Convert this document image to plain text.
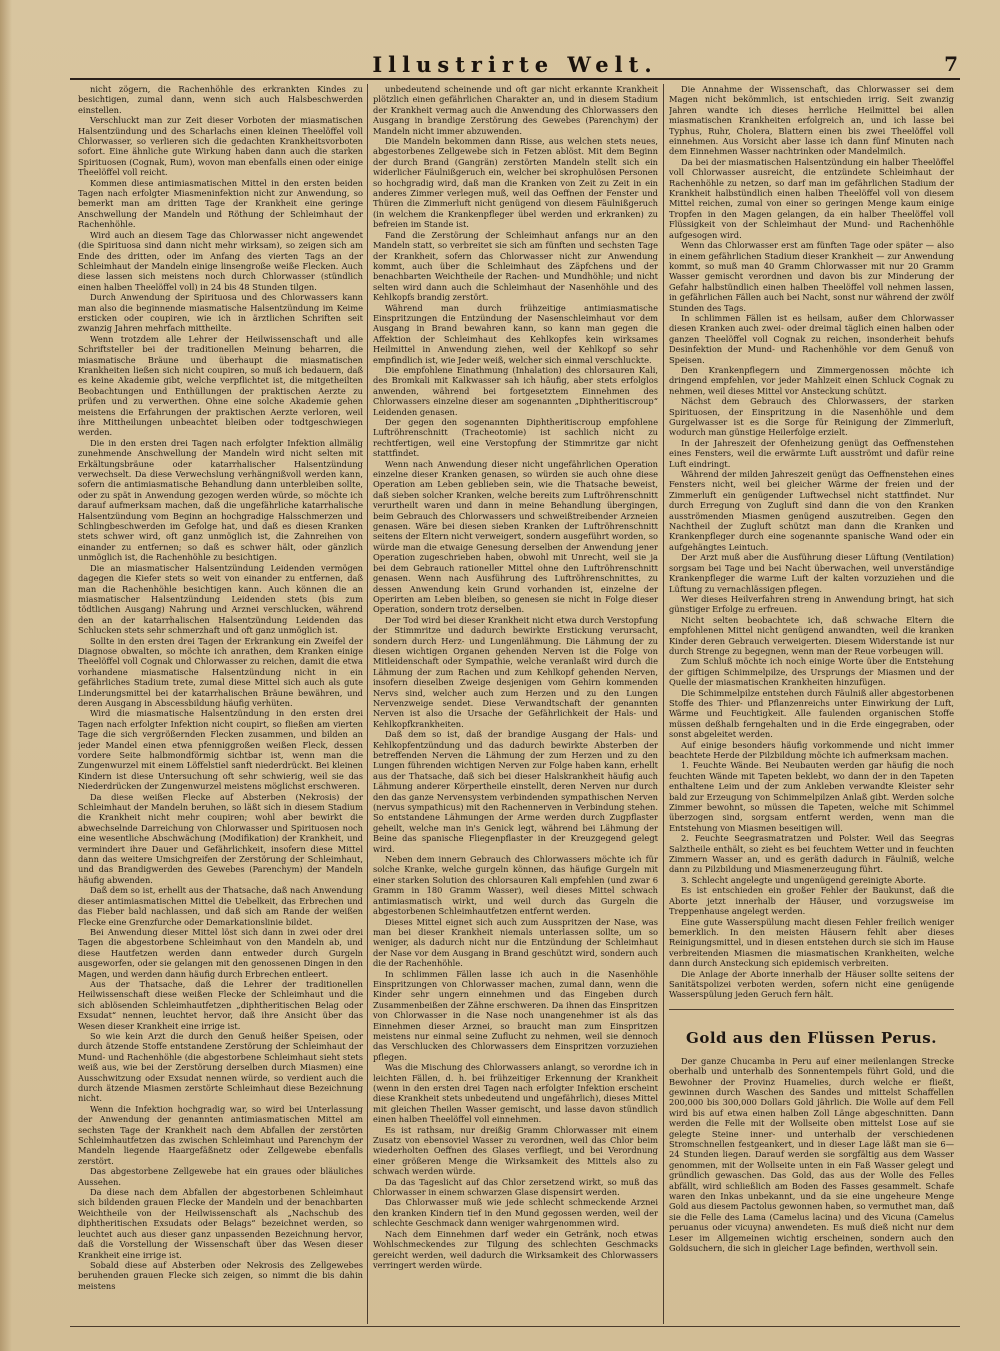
Illustrirte Welt.	7

nicht zögern, die Rachenhöhle des erkrankten Kindes zu besichtigen, zumal dann, wenn sich auch Halsbeschwerden einstellen.

Verschluckt man zur Zeit dieser Vorboten der miasmatischen Halsentzündung und des Scharlachs einen kleinen Theelöffel voll Chlorwasser, so verlieren sich die gedachten Krankheitsvorboten sofort. Eine ähnliche gute Wirkung haben dann auch die starken Spirituosen (Cognak, Rum), wovon man ebenfalls einen oder einige Theelöffel voll reicht.

Kommen diese antimiasmatischen Mittel in den ersten beiden Tagen nach erfolgter Miasmeninfektion nicht zur Anwendung, so bemerkt man am dritten Tage der Krankheit eine geringe Anschwellung der Mandeln und Röthung der Schleimhaut der Rachenhöhle.

Wird auch an diesem Tage das Chlorwasser nicht angewendet (die Spirituosa sind dann nicht mehr wirksam), so zeigen sich am Ende des dritten, oder im Anfang des vierten Tags an der Schleimhaut der Mandeln einige linsengroße weiße Flecken. Auch diese lassen sich meistens noch durch Chlorwasser (stündlich einen halben Theelöffel voll) in 24 bis 48 Stunden tilgen.

Durch Anwendung der Spirituosa und des Chlorwassers kann man also die beginnende miasmatische Halsentzündung im Keime ersticken oder coupiren, wie ich in ärztlichen Schriften seit zwanzig Jahren mehrfach mittheilte.

Wenn trotzdem alle Lehrer der Heilwissenschaft und alle Schriftsteller bei der traditionellen Meinung beharren, die miasmatische Bräune und überhaupt die miasmatischen Krankheiten ließen sich nicht coupiren, so muß ich bedauern, daß es keine Akademie gibt, welche verpflichtet ist, die mitgetheilten Beobachtungen und Enthüllungen der praktischen Aerzte zu prüfen und zu verwerthen. Ohne eine solche Akademie gehen meistens die Erfahrungen der praktischen Aerzte verloren, weil ihre Mittheilungen unbeachtet bleiben oder todtgeschwiegen werden.

Die in den ersten drei Tagen nach erfolgter Infektion allmälig zunehmende Anschwellung der Mandeln wird nicht selten mit Erkältungsbräune oder katarrhalischer Halsentzündung verwechselt. Da diese Verwechslung verhängnißvoll werden kann, sofern die antimiasmatische Behandlung dann unterbleiben sollte, oder zu spät in Anwendung gezogen werden würde, so möchte ich darauf aufmerksam machen, daß die ungefährliche katarrhalische Halsentzündung vom Beginn an hochgradige Halsschmerzen und Schlingbeschwerden im Gefolge hat, und daß es diesen Kranken stets schwer wird, oft ganz unmöglich ist, die Zahnreihen von einander zu entfernen; so daß es schwer hält, oder gänzlich unmöglich ist, die Rachenhöhle zu besichtigen.

Die an miasmatischer Halsentzündung Leidenden vermögen dagegen die Kiefer stets so weit von einander zu entfernen, daß man die Rachenhöhle besichtigen kann. Auch können die an miasmatischer Halsentzündung Leidenden stets (bis zum tödtlichen Ausgang) Nahrung und Arznei verschlucken, während den an der katarrhalischen Halsentzündung Leidenden das Schlucken stets sehr schmerzhaft und oft ganz unmöglich ist.

Sollte in den ersten drei Tagen der Erkrankung ein Zweifel der Diagnose obwalten, so möchte ich anrathen, dem Kranken einige Theelöffel voll Cognak und Chlorwasser zu reichen, damit die etwa vorhandene miasmatische Halsentzündung nicht in ein gefährliches Stadium trete, zumal diese Mittel sich auch als gute Linderungsmittel bei der katarrhalischen Bräune bewähren, und deren Ausgang in Abscessbildung häufig verhüten.

Wird die miasmatische Halsentzündung in den ersten drei Tagen nach erfolgter Infektion nicht coupirt, so fließen am vierten Tage die sich vergrößernden Flecken zusammen, und bilden an jeder Mandel einen etwa pfenniggroßen weißen Fleck, dessen vordere Seite halbmondförmig sichtbar ist, wenn man die Zungenwurzel mit einem Löffelstiel sanft niederdrückt. Bei kleinen Kindern ist diese Untersuchung oft sehr schwierig, weil sie das Niederdrücken der Zungenwurzel meistens möglichst erschweren.

Da diese weißen Flecke auf Absterben (Nekrosis) der Schleimhaut der Mandeln beruhen, so läßt sich in diesem Stadium die Krankheit nicht mehr coupiren; wohl aber bewirkt die abwechselnde Darreichung von Chlorwasser und Spirituosen noch eine wesentliche Abschwächung (Modifikation) der Krankheit, und vermindert ihre Dauer und Gefährlichkeit, insofern diese Mittel dann das weitere Umsichgreifen der Zerstörung der Schleimhaut, und das Brandigwerden des Gewebes (Parenchym) der Mandeln häufig abwenden.

Daß dem so ist, erhellt aus der Thatsache, daß nach Anwendung dieser antimiasmatischen Mittel die Uebelkeit, das Erbrechen und das Fieber bald nachlassen, und daß sich am Rande der weißen Flecke eine Grenzfurche oder Demarkationslinie bildet.

Bei Anwendung dieser Mittel löst sich dann in zwei oder drei Tagen die abgestorbene Schleimhaut von den Mandeln ab, und diese Hautfetzen werden dann entweder durch Gurgeln ausgeworfen, oder sie gelangen mit den genossenen Dingen in den Magen, und werden dann häufig durch Erbrechen entleert.

Aus der Thatsache, daß die Lehrer der traditionellen Heilwissenschaft diese weißen Flecke der Schleimhaut und die sich ablösenden Schleimhautfetzen „diphtheritischen Belag oder Exsudat“ nennen, leuchtet hervor, daß ihre Ansicht über das Wesen dieser Krankheit eine irrige ist.

So wie kein Arzt die durch den Genuß heißer Speisen, oder durch ätzende Stoffe entstandene Zerstörung der Schleimhaut der Mund- und Rachenhöhle (die abgestorbene Schleimhaut sieht stets weiß aus, wie bei der Zerstörung derselben durch Miasmen) eine Ausschwitzung oder Exsudat nennen würde, so verdient auch die durch ätzende Miasmen zerstörte Schleimhaut diese Bezeichnung nicht.

Wenn die Infektion hochgradig war, so wird bei Unterlassung der Anwendung der genannten antimiasmatischen Mittel am sechsten Tage der Krankheit nach dem Abfallen der zerstörten Schleimhautfetzen das zwischen Schleimhaut und Parenchym der Mandeln liegende Haargefäßnetz oder Zellgewebe ebenfalls zerstört.

Das abgestorbene Zellgewebe hat ein graues oder bläuliches Aussehen.

Da diese nach dem Abfallen der abgestorbenen Schleimhaut sich bildenden grauen Flecke der Mandeln und der benachbarten Weichtheile von der Heilwissenschaft als „Nachschub des diphtheritischen Exsudats oder Belags“ bezeichnet werden, so leuchtet auch aus dieser ganz unpassenden Bezeichnung hervor, daß die Vorstellung der Wissenschaft über das Wesen dieser Krankheit eine irrige ist.

Sobald diese auf Absterben oder Nekrosis des Zellgewebes beruhenden grauen Flecke sich zeigen, so nimmt die bis dahin meistens

unbedeutend scheinende und oft gar nicht erkannte Krankheit plötzlich einen gefährlichen Charakter an, und in diesem Stadium der Krankheit vermag auch die Anwendung des Chlorwassers den Ausgang in brandige Zerstörung des Gewebes (Parenchym) der Mandeln nicht immer abzuwenden.

Die Mandeln bekommen dann Risse, aus welchen stets neues, abgestorbenes Zellgewebe sich in Fetzen ablöst. Mit dem Beginn der durch Brand (Gangrän) zerstörten Mandeln stellt sich ein widerlicher Fäulnißgeruch ein, welcher bei skrophulösen Personen so hochgradig wird, daß man die Kranken von Zeit zu Zeit in ein anderes Zimmer verlegen muß, weil das Oeffnen der Fenster und Thüren die Zimmerluft nicht genügend von diesem Fäulnißgeruch (in welchem die Krankenpfleger übel werden und erkranken) zu befreien im Stande ist.

Fand die Zerstörung der Schleimhaut anfangs nur an den Mandeln statt, so verbreitet sie sich am fünften und sechsten Tage der Krankheit, sofern das Chlorwasser nicht zur Anwendung kommt, auch über die Schleimhaut des Zäpfchens und der benachbarten Weichtheile der Rachen- und Mundhöhle; und nicht selten wird dann auch die Schleimhaut der Nasenhöhle und des Kehlkopfs brandig zerstört.

Während man durch frühzeitige antimiasmatische Einspritzungen die Entzündung der Nasenschleimhaut vor dem Ausgang in Brand bewahren kann, so kann man gegen die Affektion der Schleimhaut des Kehlkopfes kein wirksames Heilmittel in Anwendung ziehen, weil der Kehlkopf so sehr empfindlich ist, wie Jeder weiß, welcher sich einmal verschluckte.

Die empfohlene Einathmung (Inhalation) des chlorsauren Kali, des Bromkali mit Kalkwasser sah ich häufig, aber stets erfolglos anwenden, während bei fortgesetztem Einnehmen des Chlorwassers einzelne dieser am sogenannten „Diphtheritiscroup“ Leidenden genasen.

Der gegen den sogenannten Diphtheritiscroup empfohlene Luftröhrenschnitt (Tracheotomie) ist sachlich nicht zu rechtfertigen, weil eine Verstopfung der Stimmritze gar nicht stattfindet.

Wenn nach Anwendung dieser nicht ungefährlichen Operation einzelne dieser Kranken genasen, so würden sie auch ohne diese Operation am Leben geblieben sein, wie die Thatsache beweist, daß sieben solcher Kranken, welche bereits zum Luftröhrenschnitt verurtheilt waren und dann in meine Behandlung übergingen, beim Gebrauch des Chlorwassers und schweißtreibender Arzneien genasen. Wäre bei diesen sieben Kranken der Luftröhrenschnitt seitens der Eltern nicht verweigert, sondern ausgeführt worden, so würde man die etwaige Genesung derselben der Anwendung jener Operation zugeschrieben haben, obwohl mit Unrecht, weil sie ja bei dem Gebrauch rationeller Mittel ohne den Luftröhrenschnitt genasen. Wenn nach Ausführung des Luftröhrenschnittes, zu dessen Anwendung kein Grund vorhanden ist, einzelne der Operirten am Leben bleiben, so genesen sie nicht in Folge dieser Operation, sondern trotz derselben.

Der Tod wird bei dieser Krankheit nicht etwa durch Verstopfung der Stimmritze und dadurch bewirkte Erstickung verursacht, sondern durch Herz- und Lungenlähmung. Die Lähmung der zu diesen wichtigen Organen gehenden Nerven ist die Folge von Mitleidenschaft oder Sympathie, welche veranlaßt wird durch die Lähmung der zum Rachen und zum Kehlkopf gehenden Nerven, insofern dieselben Zweige desjenigen vom Gehirn kommenden Nervs sind, welcher auch zum Herzen und zu den Lungen Nervenzweige sendet. Diese Verwandtschaft der genannten Nerven ist also die Ursache der Gefährlichkeit der Hals- und Kehlkopfkrankheiten.

Daß dem so ist, daß der brandige Ausgang der Hals- und Kehlkopfentzündung und das dadurch bewirkte Absterben der betreffenden Nerven die Lähmung der zum Herzen und zu den Lungen führenden wichtigen Nerven zur Folge haben kann, erhellt aus der Thatsache, daß sich bei dieser Halskrankheit häufig auch Lähmung anderer Körpertheile einstellt, deren Nerven nur durch den das ganze Nervensystem verbindenden sympathischen Nerven (nervus sympathicus) mit den Rachennerven in Verbindung stehen. So entstandene Lähmungen der Arme werden durch Zugpflaster geheilt, welche man in's Genick legt, während bei Lähmung der Beine das spanische Fliegenpflaster in der Kreuzgegend gelegt wird.

Neben dem innern Gebrauch des Chlorwassers möchte ich für solche Kranke, welche gurgeln können, das häufige Gurgeln mit einer starken Solution des chlorsauren Kali empfehlen (und zwar 6 Gramm in 180 Gramm Wasser), weil dieses Mittel schwach antimiasmatisch wirkt, und weil durch das Gurgeln die abgestorbenen Schleimhautfetzen entfernt werden.

Dieses Mittel eignet sich auch zum Ausspritzen der Nase, was man bei dieser Krankheit niemals unterlassen sollte, um so weniger, als dadurch nicht nur die Entzündung der Schleimhaut der Nase vor dem Ausgang in Brand geschützt wird, sondern auch die der Rachenhöhle.

In schlimmen Fällen lasse ich auch in die Nasenhöhle Einspritzungen von Chlorwasser machen, zumal dann, wenn die Kinder sehr ungern einnehmen und das Eingeben durch Zusammenbeißen der Zähne erschweren. Da ihnen das Einspritzen von Chlorwasser in die Nase noch unangenehmer ist als das Einnehmen dieser Arznei, so braucht man zum Einspritzen meistens nur einmal seine Zuflucht zu nehmen, weil sie dennoch das Verschlucken des Chlorwassers dem Einspritzen vorzuziehen pflegen.

Was die Mischung des Chlorwassers anlangt, so verordne ich in leichten Fällen, d. h. bei frühzeitiger Erkennung der Krankheit (wenn in den ersten drei Tagen nach erfolgter Infektion erscheint diese Krankheit stets unbedeutend und ungefährlich), dieses Mittel mit gleichen Theilen Wasser gemischt, und lasse davon stündlich einen halben Theelöffel voll einnehmen.

Es ist rathsam, nur dreißig Gramm Chlorwasser mit einem Zusatz von ebensoviel Wasser zu verordnen, weil das Chlor beim wiederholten Oeffnen des Glases verfliegt, und bei Verordnung einer größeren Menge die Wirksamkeit des Mittels also zu schwach werden würde.

Da das Tageslicht auf das Chlor zersetzend wirkt, so muß das Chlorwasser in einem schwarzen Glase dispensirt werden.

Das Chlorwasser muß wie jede schlecht schmeckende Arznei den kranken Kindern tief in den Mund gegossen werden, weil der schlechte Geschmack dann weniger wahrgenommen wird.

Nach dem Einnehmen darf weder ein Getränk, noch etwas Wohlschmeckendes zur Tilgung des schlechten Geschmacks gereicht werden, weil dadurch die Wirksamkeit des Chlorwassers verringert werden würde.

Die Annahme der Wissenschaft, das Chlorwasser sei dem Magen nicht bekömmlich, ist entschieden irrig. Seit zwanzig Jahren wandte ich dieses herrliche Heilmittel bei allen miasmatischen Krankheiten erfolgreich an, und ich lasse bei Typhus, Ruhr, Cholera, Blattern einen bis zwei Theelöffel voll einnehmen. Aus Vorsicht aber lasse ich dann fünf Minuten nach dem Einnehmen Wasser nachtrinken oder Mandelmilch.

Da bei der miasmatischen Halsentzündung ein halber Theelöffel voll Chlorwasser ausreicht, die entzündete Schleimhaut der Rachenhöhle zu netzen, so darf man im gefährlichen Stadium der Krankheit halbstündlich einen halben Theelöffel voll von diesem Mittel reichen, zumal von einer so geringen Menge kaum einige Tropfen in den Magen gelangen, da ein halber Theelöffel voll Flüssigkeit von der Schleimhaut der Mund- und Rachenhöhle aufgesogen wird.

Wenn das Chlorwasser erst am fünften Tage oder später — also in einem gefährlichen Stadium dieser Krankheit — zur Anwendung kommt, so muß man 40 Gramm Chlorwasser mit nur 20 Gramm Wasser gemischt verordnen und davon bis zur Minderung der Gefahr halbstündlich einen halben Theelöffel voll nehmen lassen, in gefährlichen Fällen auch bei Nacht, sonst nur während der zwölf Stunden des Tags.

In schlimmen Fällen ist es heilsam, außer dem Chlorwasser diesen Kranken auch zwei- oder dreimal täglich einen halben oder ganzen Theelöffel voll Cognak zu reichen, insonderheit behufs Desinfektion der Mund- und Rachenhöhle vor dem Genuß von Speisen.

Den Krankenpflegern und Zimmergenossen möchte ich dringend empfehlen, vor jeder Mahlzeit einen Schluck Cognak zu nehmen, weil dieses Mittel vor Ansteckung schützt.

Nächst dem Gebrauch des Chlorwassers, der starken Spirituosen, der Einspritzung in die Nasenhöhle und dem Gurgelwasser ist es die Sorge für Reinigung der Zimmerluft, wodurch man günstige Heilerfolge erzielt.

In der Jahreszeit der Ofenheizung genügt das Oeffnenstehen eines Fensters, weil die erwärmte Luft ausströmt und dafür reine Luft eindringt.

Während der milden Jahreszeit genügt das Oeffnenstehen eines Fensters nicht, weil bei gleicher Wärme der freien und der Zimmerluft ein genügender Luftwechsel nicht stattfindet. Nur durch Erregung von Zugluft sind dann die von den Kranken ausströmenden Miasmen genügend auszutreiben. Gegen den Nachtheil der Zugluft schützt man dann die Kranken und Krankenpfleger durch eine sogenannte spanische Wand oder ein aufgehängtes Leintuch.

Der Arzt muß aber die Ausführung dieser Lüftung (Ventilation) sorgsam bei Tage und bei Nacht überwachen, weil unverständige Krankenpfleger die warme Luft der kalten vorzuziehen und die Lüftung zu vernachlässigen pflegen.

Wer dieses Heilverfahren streng in Anwendung bringt, hat sich günstiger Erfolge zu erfreuen.

Nicht selten beobachtete ich, daß schwache Eltern die empfohlenen Mittel nicht genügend anwandten, weil die kranken Kinder deren Gebrauch verweigerten. Diesem Widerstande ist nur durch Strenge zu begegnen, wenn man der Reue vorbeugen will.

Zum Schluß möchte ich noch einige Worte über die Entstehung der giftigen Schimmelpilze, des Ursprungs der Miasmen und der Quelle der miasmatischen Krankheiten hinzufügen.

Die Schimmelpilze entstehen durch Fäulniß aller abgestorbenen Stoffe des Thier- und Pflanzenreichs unter Einwirkung der Luft, Wärme und Feuchtigkeit. Alle faulenden organischen Stoffe müssen deßhalb ferngehalten und in die Erde eingegraben, oder sonst abgeleitet werden.

Auf einige besonders häufig vorkommende und nicht immer beachtete Herde der Pilzbildung möchte ich aufmerksam machen.

1. Feuchte Wände. Bei Neubauten werden gar häufig die noch feuchten Wände mit Tapeten beklebt, wo dann der in den Tapeten enthaltene Leim und der zum Ankleben verwandte Kleister sehr bald zur Erzeugung von Schimmelpilzen Anlaß gibt. Werden solche Zimmer bewohnt, so müssen die Tapeten, welche mit Schimmel überzogen sind, sorgsam entfernt werden, wenn man die Entstehung von Miasmen beseitigen will.

2. Feuchte Seegrasmatratzen und Polster. Weil das Seegras Salztheile enthält, so zieht es bei feuchtem Wetter und in feuchten Zimmern Wasser an, und es geräth dadurch in Fäulniß, welche dann zu Pilzbildung und Miasmenerzeugung führt.

3. Schlecht angelegte und ungenügend gereinigte Aborte.

Es ist entschieden ein großer Fehler der Baukunst, daß die Aborte jetzt innerhalb der Häuser, und vorzugsweise im Treppenhause angelegt werden.

Eine gute Wasserspülung macht diesen Fehler freilich weniger bemerklich. In den meisten Häusern fehlt aber dieses Reinigungsmittel, und in diesen entstehen durch sie sich im Hause verbreitenden Miasmen die miasmatischen Krankheiten, welche dann durch Ansteckung sich epidemisch verbreiten.

Die Anlage der Aborte innerhalb der Häuser sollte seitens der Sanitätspolizei verboten werden, sofern nicht eine genügende Wasserspülung jeden Geruch fern hält.

Gold aus den Flüssen Perus.

Der ganze Chucamba in Peru auf einer meilenlangen Strecke oberhalb und unterhalb des Sonnentempels führt Gold, und die Bewohner der Provinz Huamelies, durch welche er fließt, gewinnen durch Waschen des Sandes und mittelst Schaffellen 200,000 bis 300,000 Dollars Gold jährlich. Die Wolle auf dem Fell wird bis auf etwa einen halben Zoll Länge abgeschnitten. Dann werden die Felle mit der Wollseite oben mittelst Lose auf sie gelegte Steine inner- und unterhalb der verschiedenen Stromschnellen festgeankert, und in dieser Lage läßt man sie 6—24 Stunden liegen. Darauf werden sie sorgfältig aus dem Wasser genommen, mit der Wollseite unten in ein Faß Wasser gelegt und gründlich gewaschen. Das Gold, das aus der Wolle des Felles abfällt, wird schließlich am Boden des Fasses gesammelt. Schafe waren den Inkas unbekannt, und da sie eine ungeheure Menge Gold aus diesem Pactolus gewonnen haben, so vermuthet man, daß sie die Felle des Lama (Camelus lacina) und des Vicuna (Camelus peruanus oder vicuyna) anwendeten. Es muß dieß nicht nur dem Leser im Allgemeinen wichtig erscheinen, sondern auch den Goldsuchern, die sich in gleicher Lage befinden, werthvoll sein.
